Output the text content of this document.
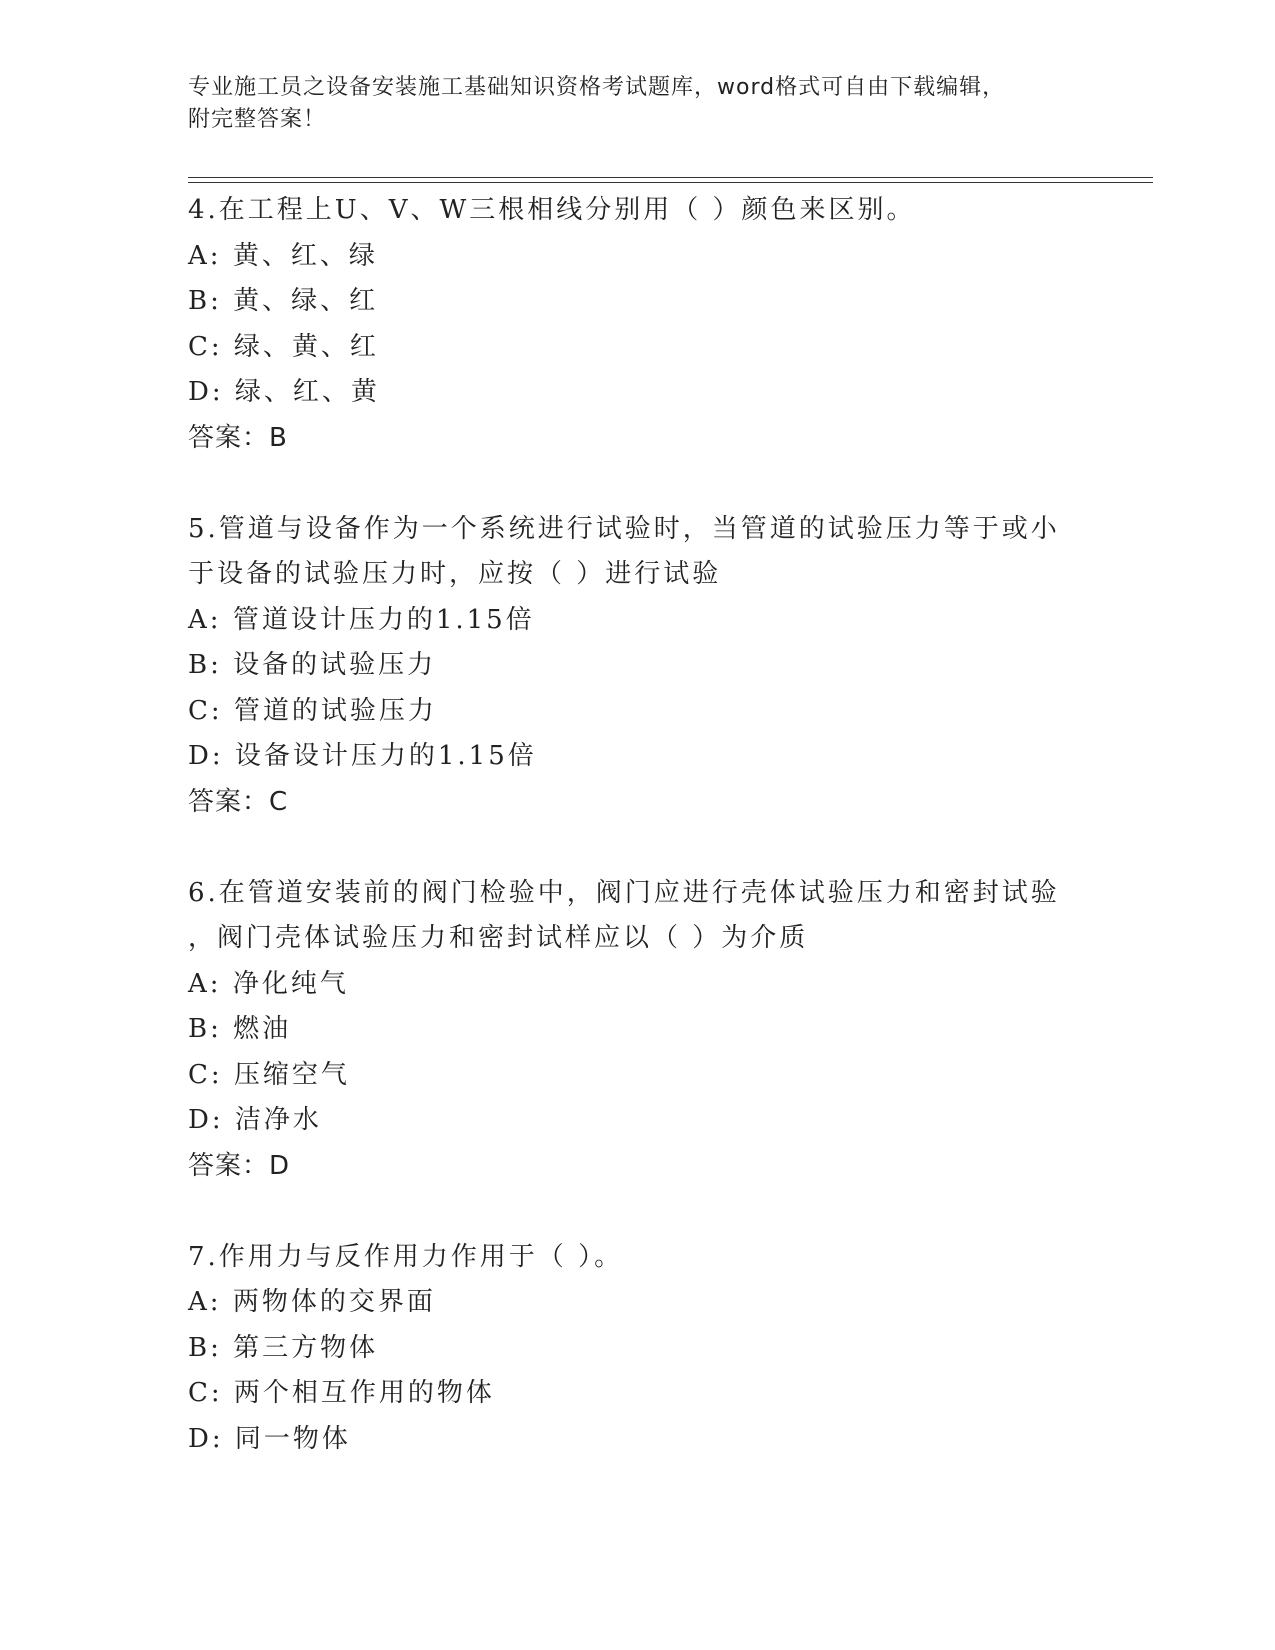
专业施工员之设备安装施工基础知识资格考试题库，word格式可自由下载编辑，

附完整答案！

4.在工程上U、V、W三根相线分别用（ ）颜色来区别。

A: 黄、红、绿

B: 黄、绿、红

C: 绿、黄、红

D: 绿、红、黄

答案：B

5.管道与设备作为一个系统进行试验时，当管道的试验压力等于或小

于设备的试验压力时，应按（ ）进行试验

A: 管道设计压力的1.15倍

B: 设备的试验压力

C: 管道的试验压力

D: 设备设计压力的1.15倍

答案：C

6.在管道安装前的阀门检验中，阀门应进行壳体试验压力和密封试验

，阀门壳体试验压力和密封试样应以（ ）为介质

A: 净化纯气

B: 燃油

C: 压缩空气

D: 洁净水

答案：D

7.作用力与反作用力作用于（ ）。

A: 两物体的交界面

B: 第三方物体

C: 两个相互作用的物体

D: 同一物体
